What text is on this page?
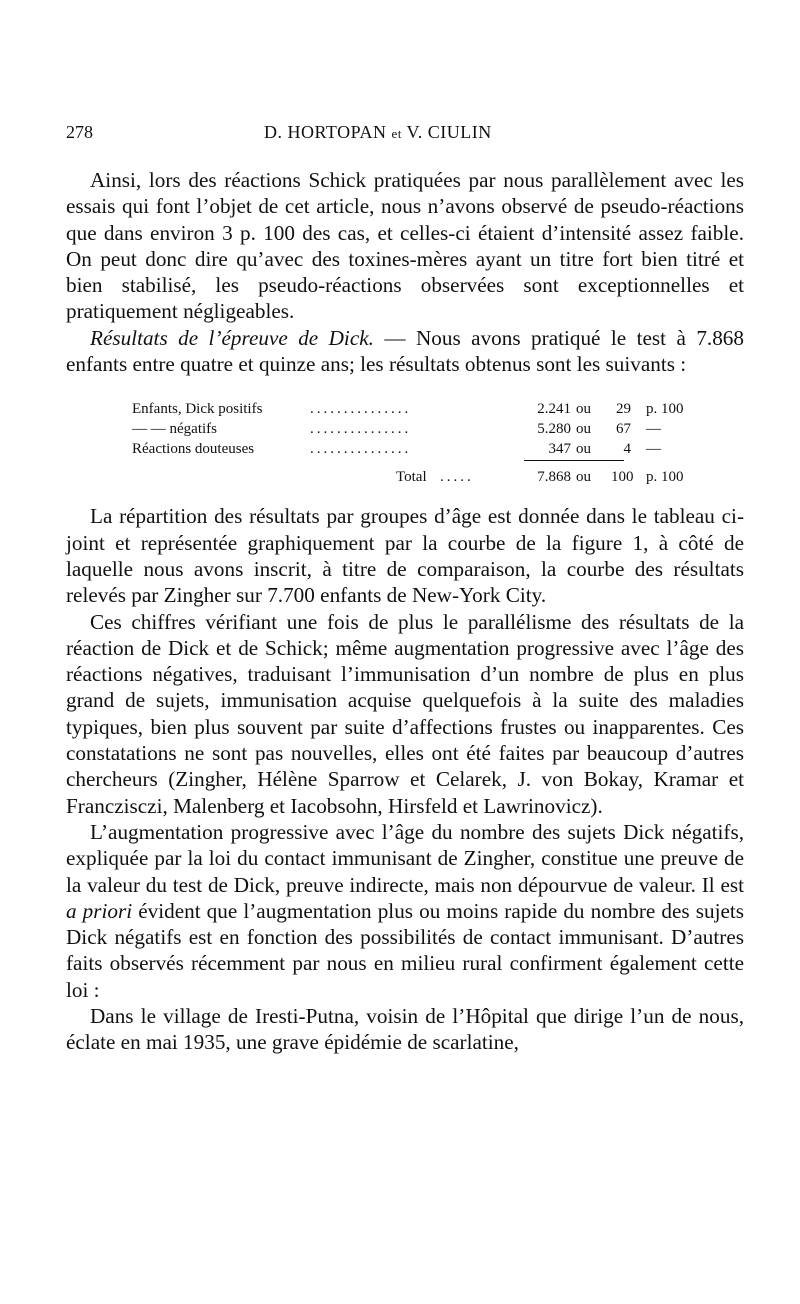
278	D. HORTOPAN et V. CIULIN

Ainsi, lors des réactions Schick pratiquées par nous parallèlement avec les essais qui font l’objet de cet article, nous n’avons observé de pseudo-réactions que dans environ 3 p. 100 des cas, et celles-ci étaient d’intensité assez faible. On peut donc dire qu’avec des toxines-mères ayant un titre fort bien titré et bien stabilisé, les pseudo-réactions observées sont exceptionnelles et pratiquement négligeables.

Résultats de l’épreuve de Dick. — Nous avons pratiqué le test à 7.868 enfants entre quatre et quinze ans; les résultats obtenus sont les suivants :

Enfants, Dick positifs	...............	2.241 ou	29 p. 100
— — négatifs	...............	5.280 ou	67 —
Réactions douteuses	...............	347 ou	4 —
Total .....	7.868 ou 100 p. 100

La répartition des résultats par groupes d’âge est donnée dans le tableau ci-joint et représentée graphiquement par la courbe de la figure 1, à côté de laquelle nous avons inscrit, à titre de comparaison, la courbe des résultats relevés par Zingher sur 7.700 enfants de New-York City.

Ces chiffres vérifiant une fois de plus le parallélisme des résultats de la réaction de Dick et de Schick; même augmentation progressive avec l’âge des réactions négatives, traduisant l’immunisation d’un nombre de plus en plus grand de sujets, immunisation acquise quelquefois à la suite des maladies typiques, bien plus souvent par suite d’affections frustes ou inapparentes. Ces constatations ne sont pas nouvelles, elles ont été faites par beaucoup d’autres chercheurs (Zingher, Hélène Sparrow et Celarek, J. von Bokay, Kramar et Franczisczi, Malenberg et Iacobsohn, Hirsfeld et Lawrinovicz).

L’augmentation progressive avec l’âge du nombre des sujets Dick négatifs, expliquée par la loi du contact immunisant de Zingher, constitue une preuve de la valeur du test de Dick, preuve indirecte, mais non dépourvue de valeur. Il est a priori évident que l’augmentation plus ou moins rapide du nombre des sujets Dick négatifs est en fonction des possibilités de contact immunisant. D’autres faits observés récemment par nous en milieu rural confirment également cette loi :

Dans le village de Iresti-Putna, voisin de l’Hôpital que dirige l’un de nous, éclate en mai 1935, une grave épidémie de scarlatine,
